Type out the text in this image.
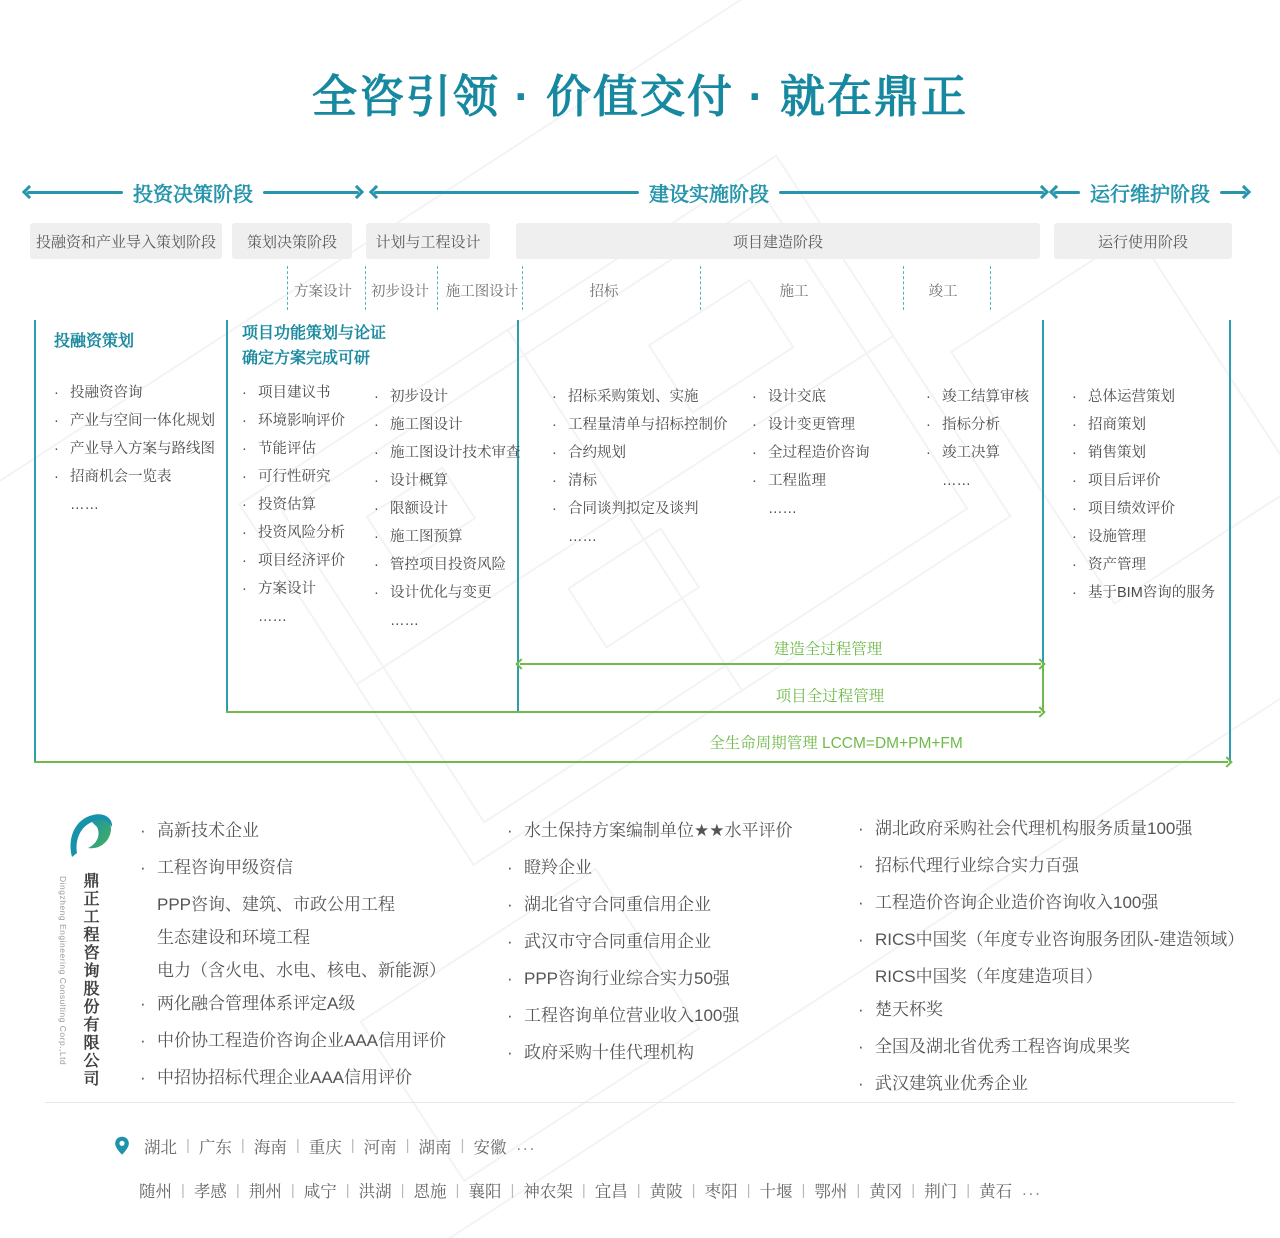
全咨引领 · 价值交付 · 就在鼎正
投资决策阶段	建设实施阶段	运行维护阶段
投融资和产业导入策划阶段	策划决策阶段	计划与工程设计	项目建造阶段	运行使用阶段
方案设计 初步设计 施工图设计	招标	施工	竣工
投融资策划	项目功能策划与论证
确定方案完成可研
· 投融资咨询
· 产业与空间一体化规划
· 产业导入方案与路线图
· 招商机会一览表
……
· 项目建议书
· 环境影响评价
· 节能评估
· 可行性研究
· 投资估算
· 投资风险分析
· 项目经济评价
· 方案设计
……
· 初步设计
· 施工图设计
· 施工图设计技术审查
· 设计概算
· 限额设计
· 施工图预算
· 管控项目投资风险
· 设计优化与变更
……
· 招标采购策划、实施
· 工程量清单与招标控制价
· 合约规划
· 清标
· 合同谈判拟定及谈判
……
· 设计交底
· 设计变更管理
· 全过程造价咨询
· 工程监理
……
· 竣工结算审核
· 指标分析
· 竣工决算
……
· 总体运营策划
· 招商策划
· 销售策划
· 项目后评价
· 项目绩效评价
· 设施管理
· 资产管理
· 基于BIM咨询的服务
建造全过程管理
项目全过程管理
全生命周期管理 LCCM=DM+PM+FM
鼎正工程咨询股份有限公司
Dingzheng Engineering Consulting Corp.,Ltd
· 高新技术企业
· 工程咨询甲级资信
PPP咨询、建筑、市政公用工程
生态建设和环境工程
电力（含火电、水电、核电、新能源）
· 两化融合管理体系评定A级
· 中价协工程造价咨询企业AAA信用评价
· 中招协招标代理企业AAA信用评价
· 水土保持方案编制单位★★水平评价
· 瞪羚企业
· 湖北省守合同重信用企业
· 武汉市守合同重信用企业
· PPP咨询行业综合实力50强
· 工程咨询单位营业收入100强
· 政府采购十佳代理机构
· 湖北政府采购社会代理机构服务质量100强
· 招标代理行业综合实力百强
· 工程造价咨询企业造价咨询收入100强
· RICS中国奖（年度专业咨询服务团队-建造领域）
RICS中国奖（年度建造项目）
· 楚天杯奖
· 全国及湖北省优秀工程咨询成果奖
· 武汉建筑业优秀企业
湖北 | 广东 | 海南 | 重庆 | 河南 | 湖南 | 安徽 ...
随州 | 孝感 | 荆州 | 咸宁 | 洪湖 | 恩施 | 襄阳 | 神农架 | 宜昌 | 黄陂 | 枣阳 | 十堰 | 鄂州 | 黄冈 | 荆门 | 黄石 ...
